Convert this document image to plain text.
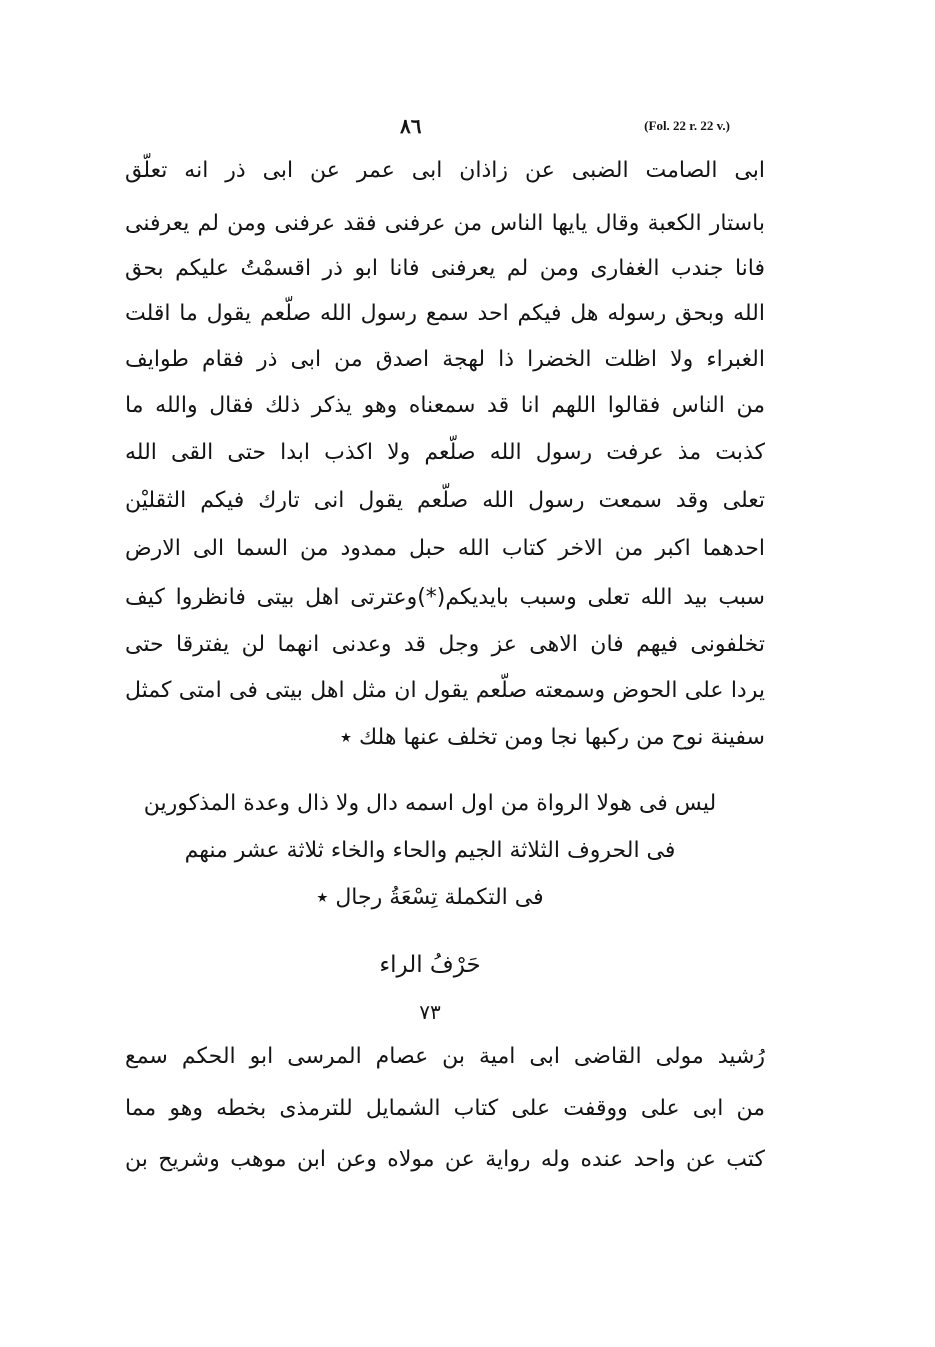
٨٦	(Fol. 22 r. 22 v.)
ابى الصامت الضبى عن زاذان ابى عمر عن ابى ذر انه تعلّق
باستار الكعبة وقال يايها الناس من عرفنى فقد عرفنى ومن لم يعرفنى
فانا جندب الغفارى ومن لم يعرفنى فانا ابو ذر اقسمْتُ عليكم بحق
الله وبحق رسوله هل فيكم احد سمع رسول الله صلّعم يقول ما اقلت
الغبراء ولا اظلت الخضرا ذا لهجة اصدق من ابى ذر فقام طوايف
من الناس فقالوا اللهم انا قد سمعناه وهو يذكر ذلك فقال والله ما
كذبت مذ عرفت رسول الله صلّعم ولا اكذب ابدا حتى القى الله
تعلى وقد سمعت رسول الله صلّعم يقول انى تارك فيكم الثقليْن
احدهما اكبر من الاخر كتاب الله حبل ممدود من السما الى الارض
سبب بيد الله تعلى وسبب بايديكم(*)وعترتى اهل بيتى فانظروا كيف
تخلفونى فيهم فان الاهى عز وجل قد وعدنى انهما لن يفترقا حتى
يردا على الحوض وسمعته صلّعم يقول ان مثل اهل بيتى فى امتى كمثل
سفينة نوح من ركبها نجا ومن تخلف عنها هلك ٭
ليس فى هولا الرواة من اول اسمه دال ولا ذال وعدة المذكورين
فى الحروف الثلاثة الجيم والحاء والخاء ثلاثة عشر منهم
فى التكملة تِسْعَةُ رجال ٭
حَرْفُ الراء
٧٣
رُشيد مولى القاضى ابى امية بن عصام المرسى ابو الحكم سمع
من ابى على ووقفت على كتاب الشمايل للترمذى بخطه وهو مما
كتب عن واحد عنده وله رواية عن مولاه وعن ابن موهب وشريح بن
